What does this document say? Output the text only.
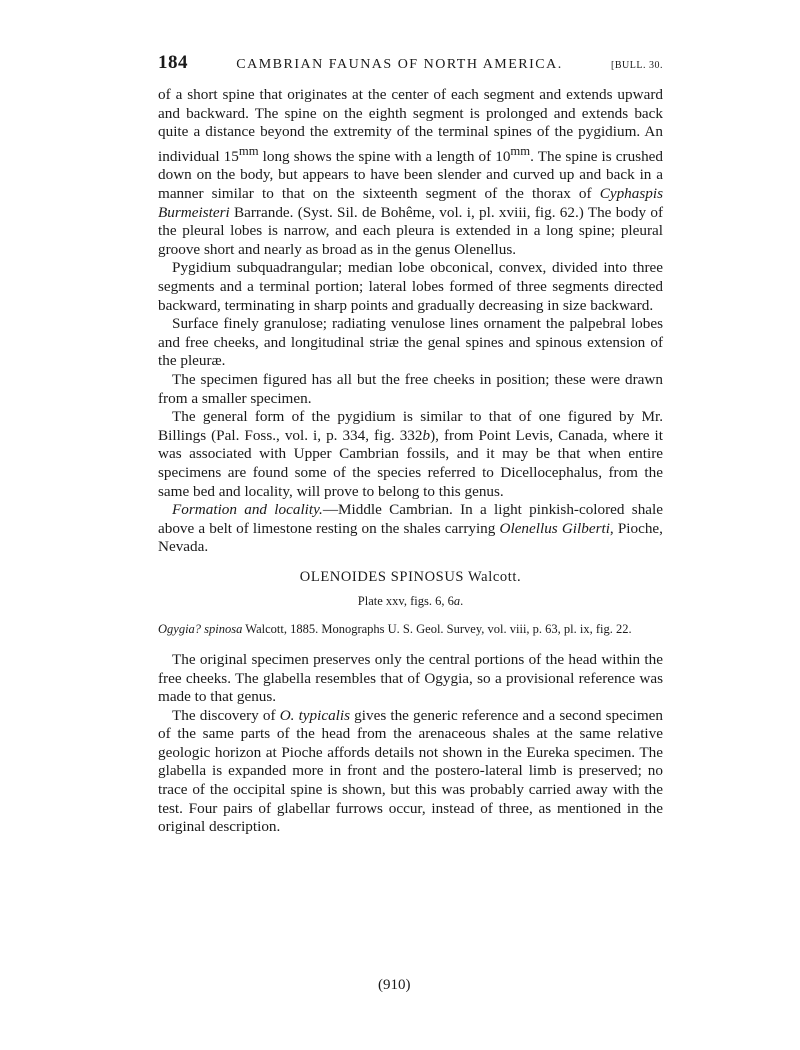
184	CAMBRIAN FAUNAS OF NORTH AMERICA.	[BULL. 30.

of a short spine that originates at the center of each segment and extends upward and backward. The spine on the eighth segment is prolonged and extends back quite a distance beyond the extremity of the terminal spines of the pygidium. An individual $15^{mm}$ long shows the spine with a length of $10^{mm}$. The spine is crushed down on the body, but appears to have been slender and curved up and back in a manner similar to that on the sixteenth segment of the thorax of Cyphaspis Burmeisteri Barrande. (Syst. Sil. de Bohême, vol. i, pl. xviii, fig. 62.) The body of the pleural lobes is narrow, and each pleura is extended in a long spine; pleural groove short and nearly as broad as in the genus Olenellus.

Pygidium subquadrangular; median lobe obconical, convex, divided into three segments and a terminal portion; lateral lobes formed of three segments directed backward, terminating in sharp points and gradually decreasing in size backward.

Surface finely granulose; radiating venulose lines ornament the palpebral lobes and free cheeks, and longitudinal striæ the genal spines and spinous extension of the pleuræ.

The specimen figured has all but the free cheeks in position; these were drawn from a smaller specimen.

The general form of the pygidium is similar to that of one figured by Mr. Billings (Pal. Foss., vol. i, p. 334, fig. 332b), from Point Levis, Canada, where it was associated with Upper Cambrian fossils, and it may be that when entire specimens are found some of the species referred to Dicellocephalus, from the same bed and locality, will prove to belong to this genus.

Formation and locality.—Middle Cambrian. In a light pinkish-colored shale above a belt of limestone resting on the shales carrying Olenellus Gilberti, Pioche, Nevada.

OLENOIDES SPINOSUS Walcott.
Plate xxv, figs. 6, 6a.
Ogygia? spinosa Walcott, 1885. Monographs U. S. Geol. Survey, vol. viii, p. 63, pl. ix, fig. 22.

The original specimen preserves only the central portions of the head within the free cheeks. The glabella resembles that of Ogygia, so a provisional reference was made to that genus.

The discovery of O. typicalis gives the generic reference and a second specimen of the same parts of the head from the arenaceous shales at the same relative geologic horizon at Pioche affords details not shown in the Eureka specimen. The glabella is expanded more in front and the postero-lateral limb is preserved; no trace of the occipital spine is shown, but this was probably carried away with the test. Four pairs of glabellar furrows occur, instead of three, as mentioned in the original description.

(910)
